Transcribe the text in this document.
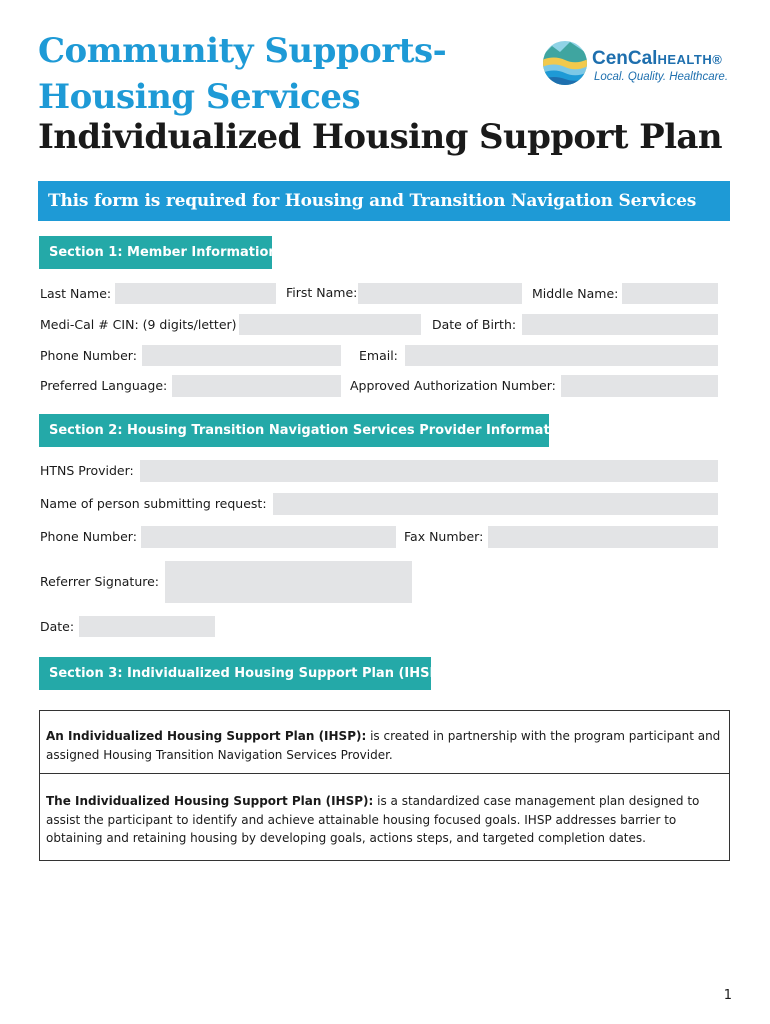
Community Supports-
Housing Services
Individualized Housing Support Plan
CenCalHEALTH®
Local. Quality. Healthcare.
This form is required for Housing and Transition Navigation Services
Section 1: Member Information
Last Name:	First Name:	Middle Name:
Medi-Cal # CIN: (9 digits/letter)	Date of Birth:
Phone Number:	Email:
Preferred Language:	Approved Authorization Number:
Section 2: Housing Transition Navigation Services Provider Information
HTNS Provider:
Name of person submitting request:
Phone Number:	Fax Number:
Referrer Signature:
Date:
Section 3: Individualized Housing Support Plan (IHSP)
An Individualized Housing Support Plan (IHSP): is created in partnership with the program participant and assigned Housing Transition Navigation Services Provider.
The Individualized Housing Support Plan (IHSP): is a standardized case management plan designed to assist the participant to identify and achieve attainable housing focused goals. IHSP addresses barrier to obtaining and retaining housing by developing goals, actions steps, and targeted completion dates.
1
